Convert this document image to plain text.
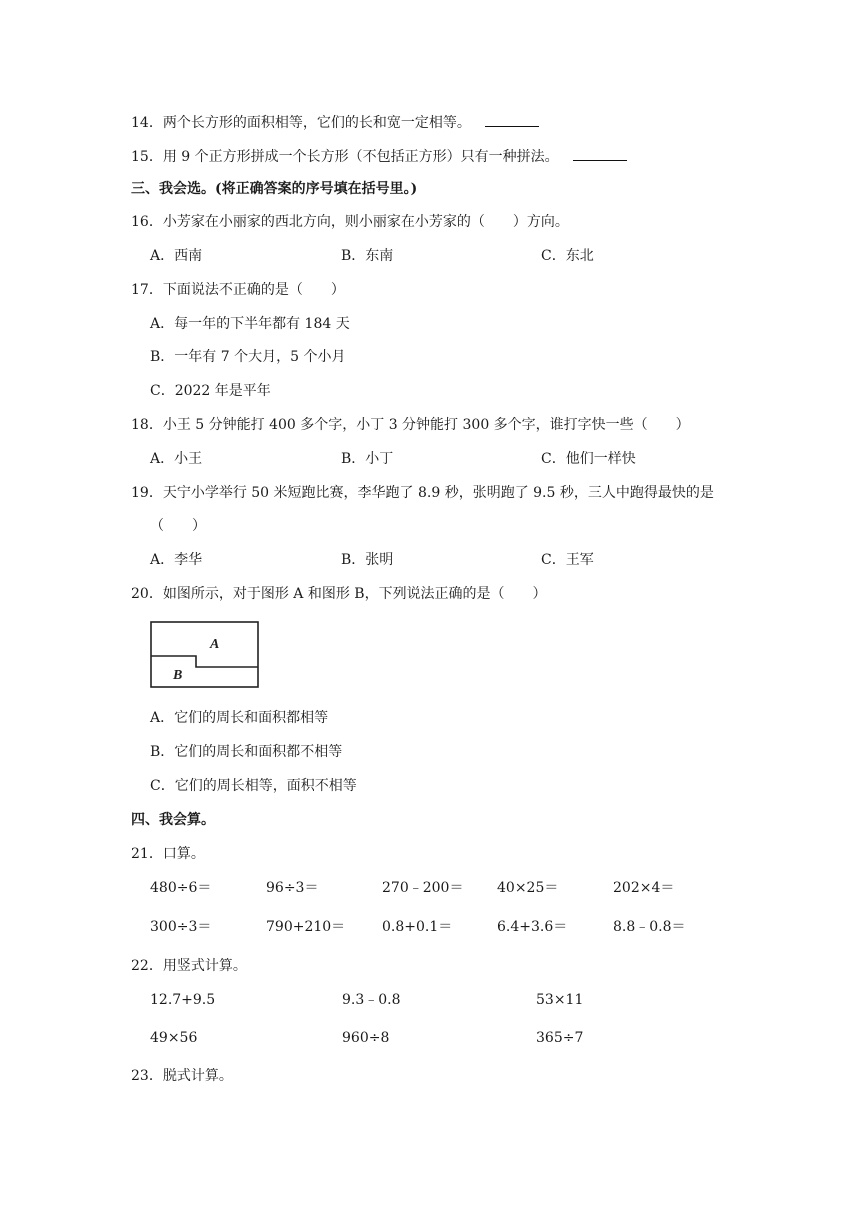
14．两个长方形的面积相等，它们的长和宽一定相等。
15．用 9 个正方形拼成一个长方形（不包括正方形）只有一种拼法。
三、我会选。(将正确答案的序号填在括号里。)
16．小芳家在小丽家的西北方向，则小丽家在小芳家的（　　）方向。
A．西南	B．东南	C．东北
17．下面说法不正确的是（　　）
A．每一年的下半年都有 184 天
B．一年有 7 个大月，5 个小月
C．2022 年是平年
18．小王 5 分钟能打 400 多个字，小丁 3 分钟能打 300 多个字，谁打字快一些（　　）
A．小王	B．小丁	C．他们一样快
19．天宁小学举行 50 米短跑比赛，李华跑了 8.9 秒，张明跑了 9.5 秒，三人中跑得最快的是
（　　）
A．李华	B．张明	C．王军
20．如图所示，对于图形 A 和图形 B，下列说法正确的是（　　）
A
B
A．它们的周长和面积都相等
B．它们的周长和面积都不相等
C．它们的周长相等，面积不相等
四、我会算。
21．口算。
480÷6＝	96÷3＝	270﹣200＝ 40×25＝	202×4＝
300÷3＝	790+210＝	0.8+0.1＝	6.4+3.6＝	8.8﹣0.8＝
22．用竖式计算。
12.7+9.5	9.3﹣0.8	53×11
49×56	960÷8	365÷7
23．脱式计算。
